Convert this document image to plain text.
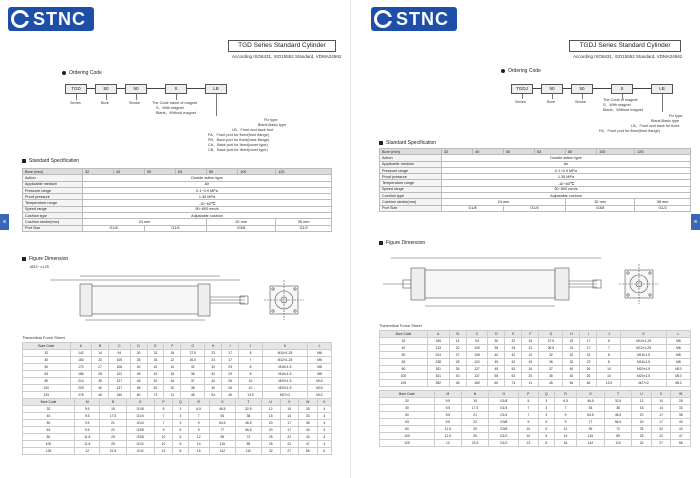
STNC
TGD Series Standard Cylinder
According ISO6431, ISO15552 Standard, VDMA24562
Ordering Code
TGD	50	50	S	LB
Series	Bore	Stroke	The Code name of magnet
S、With magnet
Blank、Without magnet
Fix type:
Blank,Basic type
LB、Front and back foot
FA、Front port for fixed(front flange)
FB、Back port for fixed(back flange)
CA、Back port for fixed(cover type)
CB、Back port for fixed(cover type)
Standard Specification
Bore (mm)	32	40	50	63	80	100	125
Action	Double action type						
Applicable medium	Air						
Pressure range	0.1~0.9 MPa						
Proof pressure	1.35 MPa						
Temperature range	-10~60℃						
Speed range	50~800 mm/s						
Cushion type	Adjustable cushion						
Cushion stroke(mm)	24 mm				32 mm		35 mm
Port Size	G1/8		G1/4		G3/8		G1/2
III
Figure Dimension
Ø32~×125
Theoretical Force Sheet
Bore Code	A	B	C	D	E	F	G	H	I	J	K	L
32	142	14	94	30	32	15	27.5	23	17	8	M10×1.25	M6
40	160	20	105	35	34	12	26.5	24	17	7	M12×1.25	M6
50	170	27	108	40	42	10	32	32	23	8	M16×1.5	M8
63	186	28	122	45	42	15	36	32	23	8	M16×1.5	M8
80	214	35	127	45	52	16	37	40	26	10	M20×1.5	M10
100	229	40	137	55	52	20	38	40	26	10	M20×1.5	M10
125	276	46	160	60	73	11	45	54	46	13.5	M27×2	M12
Bore Code	M	N	O	P	Q	R	S	T	U	V	W	X
32	9.5	15	G1/8	5	3	6.5	46.5	32.5	12	10	28	4
40	9.5	17.5	G1/4	7	3	7	54	38	16	14	33	4
50	9.5	21	G1/4	7	3	9	64.5	46.5	20	17	38	4
63	9.5	22	G3/8	9	5	9	77	56.5	20	17	43	4
80	11.5	25	G3/8	10	5	12	95	72	25	22	43	4
100	11.5	25	G1/2	10	5	14	115	89	25	22	47	4
125	12	22.5	G1/2	13	8	16	142	110	32	27	56	6
STNC
TGDJ Series Standard Cylinder
According ISO6431, ISO15552 Standard, VDMA24562
Ordering Code
TGDJ	50	50	S	LB
Series	Bore	Stroke	The Code of magnet
S、With magnet
Blank、Without magnet
Fix type:
Blank,Basic type
LB、Front and back for fixed
FA、Front port for fixed(front flange)
Standard Specification
Bore (mm)	32	40	50	63	80	100	125
Action	Double action type						
Applicable medium	Air						
Pressure range	0.1~0.9 MPa						
Proof pressure	1.35 MPa						
Temperature range	-10~60℃						
Speed range	50~800 mm/s						
Cushion type	Adjustable cushion						
Cushion stroke(mm)	24 mm				32 mm		38 mm
Port Size	G1/8		G1/4		G3/8		G1/2
III
Figure Dimension
Theoretical Force Sheet
Bore Code	A	B	C	D	E	F	G	H	I	J	K	L
32	165	14	94	30	32	15	27.5	23	17	8	M10×1.25	M6
40	213	20	105	35	34	12	26.5	24	17	7	M12×1.25	M6
50	224	27	108	40	42	10	32	32	23	8	M16×1.5	M8
63	238	28	122	45	42	15	36	32	23	8	M16×1.5	M8
80	281	35	127	45	52	16	37	40	26	10	M20×1.5	M10
100	301	40	137	55	52	20	38	40	26	10	M20×1.5	M10
125	352	46	160	60	73	11	45	54	46	13.5	M27×2	M12
Bore Code	M	N	O	P	Q	R	S	T	U	V	W
32	9.5	15	G1/8	5	3	6.5	46.5	32.5	12	10	28
40	9.5	17.5	G1/4	7	3	7	54	38	16	14	33
50	9.5	21	G1/4	7	3	9	64.5	46.5	20	17	38
63	9.5	22	G3/8	9	5	9	77	56.5	20	17	43
80	11.5	25	G3/8	10	5	12	95	72	25	22	43
100	11.5	25	G1/2	10	5	14	115	89	25	22	47
125	12	22.5	G1/2	13	8	16	142	110	32	27	56
